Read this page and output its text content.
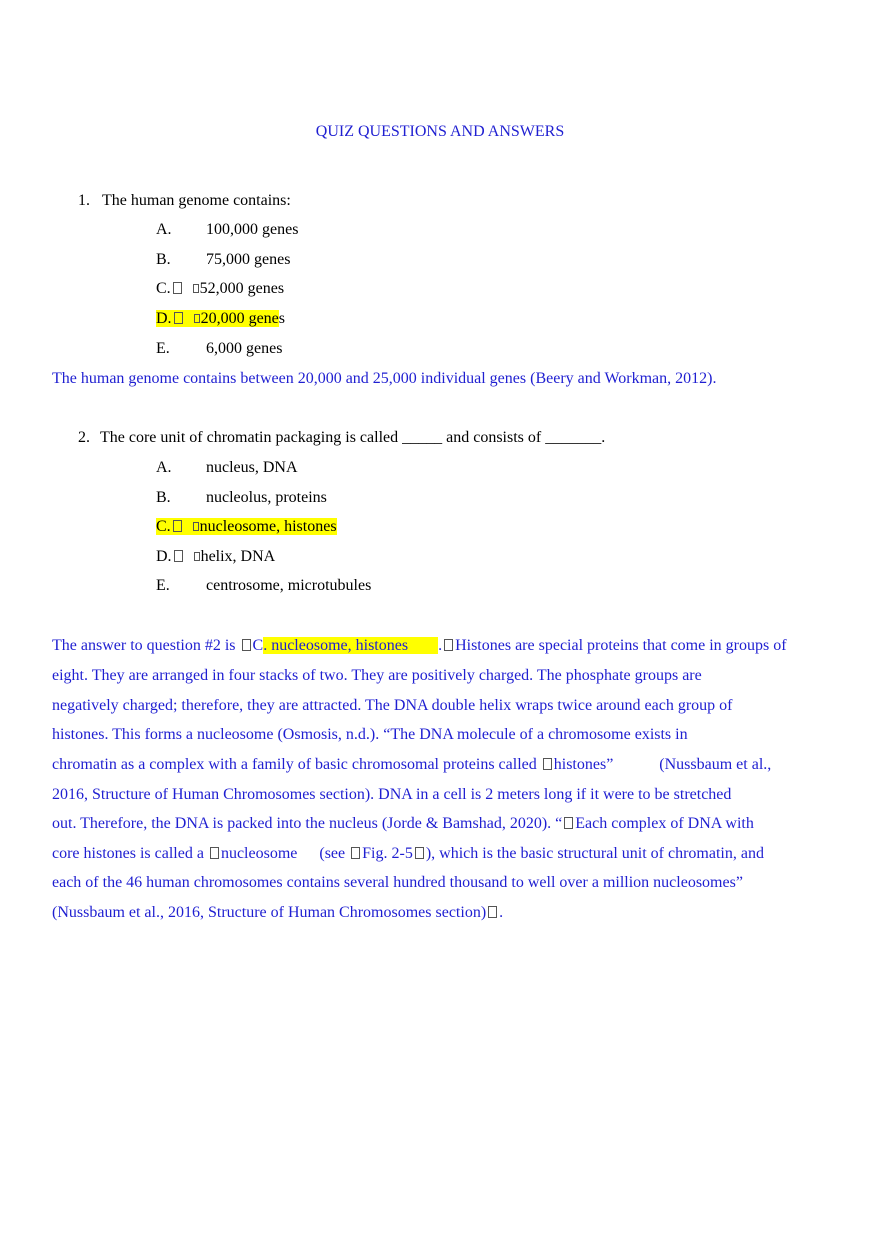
QUIZ QUESTIONS AND ANSWERS
1. The human genome contains:
A. 100,000 genes
B. 75,000 genes
C. 52,000 genes
D. 20,000 genes
E. 6,000 genes
The human genome contains between 20,000 and 25,000 individual genes (Beery and Workman, 2012).
2. The core unit of chromatin packaging is called _____ and consists of _______.
A. nucleus, DNA
B. nucleolus, proteins
C. nucleosome, histones
D. helix, DNA
E. centrosome, microtubules
The answer to question #2 is C. nucleosome, histones . Histones are special proteins that come in groups of
eight. They are arranged in four stacks of two. They are positively charged. The phosphate groups are
negatively charged; therefore, they are attracted. The DNA double helix wraps twice around each group of
histones. This forms a nucleosome (Osmosis, n.d.). “The DNA molecule of a chromosome exists in
chromatin as a complex with a family of basic chromosomal proteins called histones”	(Nussbaum et al.,
2016, Structure of Human Chromosomes section). DNA in a cell is 2 meters long if it were to be stretched
out. Therefore, the DNA is packed into the nucleus (Jorde & Bamshad, 2020). “ Each complex of DNA with
core histones is called a nucleosome (see Fig. 2-5 ), which is the basic structural unit of chromatin, and
each of the 46 human chromosomes contains several hundred thousand to well over a million nucleosomes”
(Nussbaum et al., 2016, Structure of Human Chromosomes section) .
